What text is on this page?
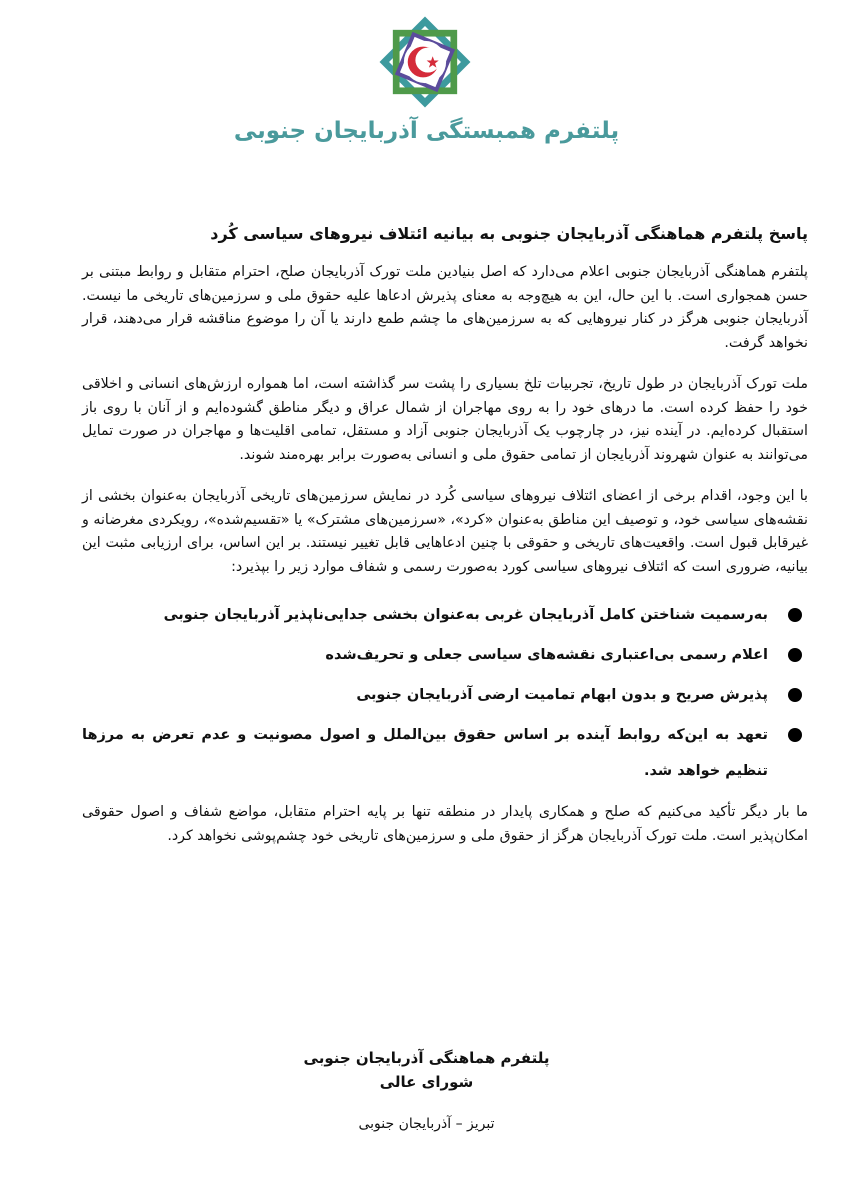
پلتفرم همبستگی آذربایجان جنوبی

پاسخ پلتفرم هماهنگی آذربایجان جنوبی به بیانیه ائتلاف نیروهای سیاسی کُرد

پلتفرم هماهنگی آذربایجان جنوبی اعلام می‌دارد که اصل بنیادین ملت تورک آذربایجان صلح، احترام متقابل و روابط مبتنی بر حسن همجواری است. با این حال، این به هیچ‌وجه به معنای پذیرش ادعاها علیه حقوق ملی و سرزمین‌های تاریخی ما نیست. آذربایجان جنوبی هرگز در کنار نیروهایی که به سرزمین‌های ما چشم طمع دارند یا آن را موضوع مناقشه قرار می‌دهند، قرار نخواهد گرفت.

ملت تورک آذربایجان در طول تاریخ، تجربیات تلخ بسیاری را پشت سر گذاشته است، اما همواره ارزش‌های انسانی و اخلاقی خود را حفظ کرده است. ما درهای خود را به روی مهاجران از شمال عراق و دیگر مناطق گشوده‌ایم و از آنان با روی باز استقبال کرده‌ایم. در آینده نیز، در چارچوب یک آذربایجان جنوبی آزاد و مستقل، تمامی اقلیت‌ها و مهاجران در صورت تمایل می‌توانند به عنوان شهروند آذربایجان از تمامی حقوق ملی و انسانی به‌صورت برابر بهره‌مند شوند.

با این وجود، اقدام برخی از اعضای ائتلاف نیروهای سیاسی کُرد در نمایش سرزمین‌های تاریخی آذربایجان به‌عنوان بخشی از نقشه‌های سیاسی خود، و توصیف این مناطق به‌عنوان «کرد»، «سرزمین‌های مشترک» یا «تقسیم‌شده»، رویکردی مغرضانه و غیرقابل قبول است. واقعیت‌های تاریخی و حقوقی با چنین ادعاهایی قابل تغییر نیستند. بر این اساس، برای ارزیابی مثبت این بیانیه، ضروری است که ائتلاف نیروهای سیاسی کورد به‌صورت رسمی و شفاف موارد زیر را بپذیرد:

به‌رسمیت شناختن کامل آذربایجان غربی به‌عنوان بخشی جدایی‌ناپذیر آذربایجان جنوبی
اعلام رسمی بی‌اعتباری نقشه‌های سیاسی جعلی و تحریف‌شده
پذیرش صریح و بدون ابهام تمامیت ارضی آذربایجان جنوبی
تعهد به این‌که روابط آینده بر اساس حقوق بین‌الملل و اصول مصونیت و عدم تعرض به مرزها تنظیم خواهد شد.

ما بار دیگر تأکید می‌کنیم که صلح و همکاری پایدار در منطقه تنها بر پایه احترام متقابل، مواضع شفاف و اصول حقوقی امکان‌پذیر است. ملت تورک آذربایجان هرگز از حقوق ملی و سرزمین‌های تاریخی خود چشم‌پوشی نخواهد کرد.

پلتفرم هماهنگی آذربایجان جنوبی
شورای عالی
تبریز – آذربایجان جنوبی
